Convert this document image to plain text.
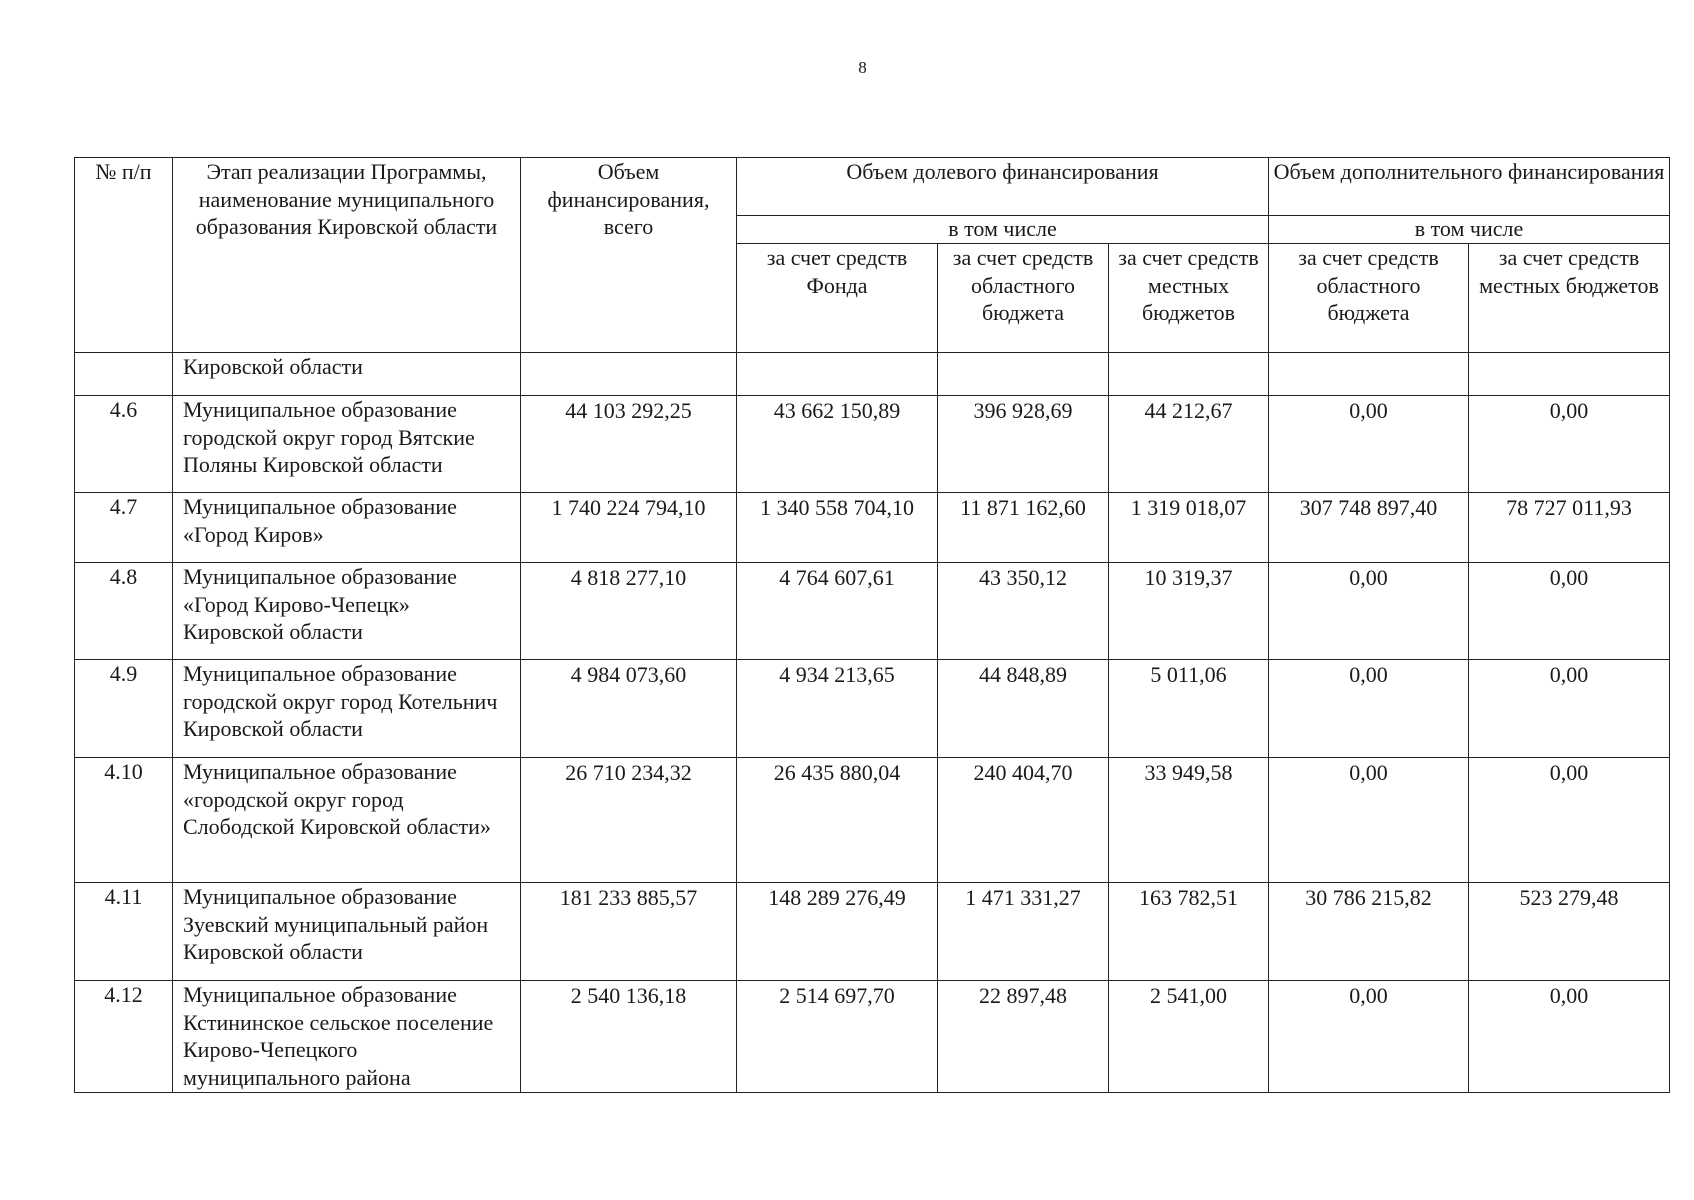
8
№ п/п	Этап реализации Программы, наименование муниципального образования Кировской области	Объем финансирования, всего	Объем долевого финансирования			Объем дополнительного финансирования	
			в том числе			в том числе	
			за счет средств Фонда	за счет средств областного бюджета	за счет средств местных бюджетов	за счет средств областного бюджета	за счет средств местных бюджетов
	Кировской области						
4.6	Муниципальное образование городской округ город Вятские Поляны Кировской области	44 103 292,25	43 662 150,89	396 928,69	44 212,67	0,00	0,00
4.7	Муниципальное образование «Город Киров»	1 740 224 794,10	1 340 558 704,10	11 871 162,60	1 319 018,07	307 748 897,40	78 727 011,93
4.8	Муниципальное образование «Город Кирово-Чепецк» Кировской области	4 818 277,10	4 764 607,61	43 350,12	10 319,37	0,00	0,00
4.9	Муниципальное образование городской округ город Котельнич Кировской области	4 984 073,60	4 934 213,65	44 848,89	5 011,06	0,00	0,00
4.10	Муниципальное образование «городской округ город Слободской Кировской области»	26 710 234,32	26 435 880,04	240 404,70	33 949,58	0,00	0,00
4.11	Муниципальное образование Зуевский муниципальный район Кировской области	181 233 885,57	148 289 276,49	1 471 331,27	163 782,51	30 786 215,82	523 279,48
4.12	Муниципальное образование Кстининское сельское поселение Кирово-Чепецкого муниципального района	2 540 136,18	2 514 697,70	22 897,48	2 541,00	0,00	0,00
